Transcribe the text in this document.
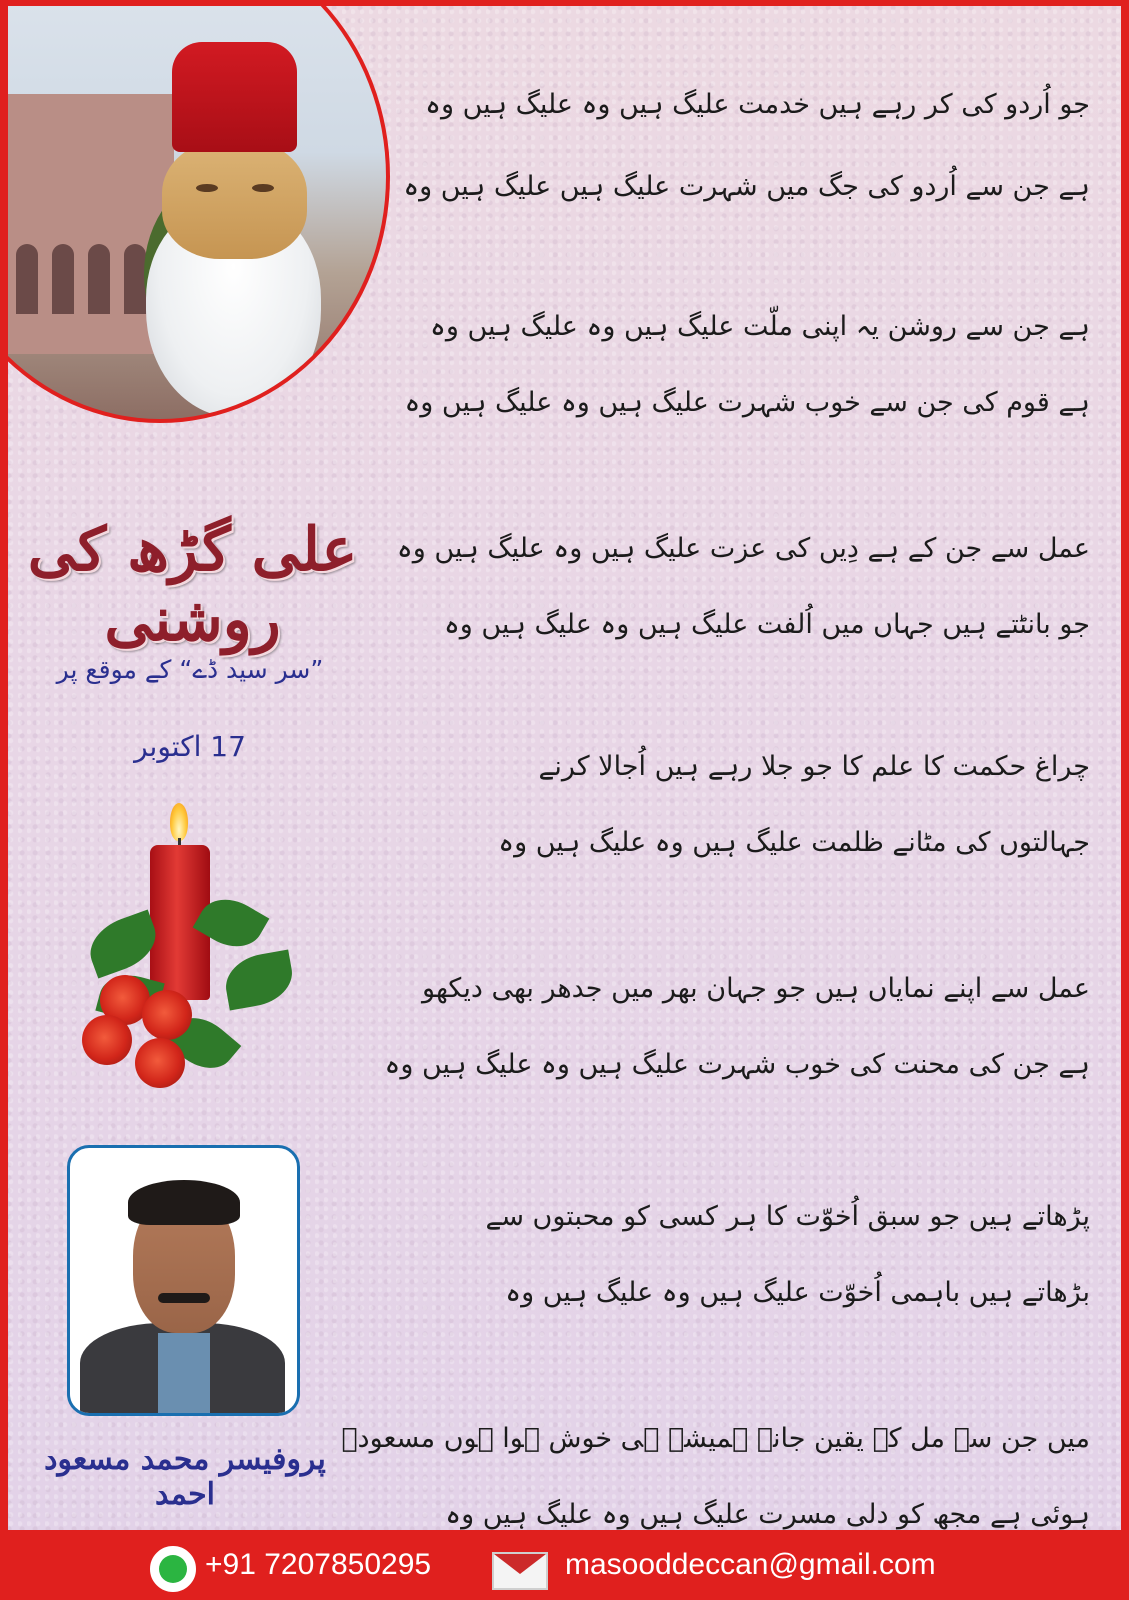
علی گڑھ کی روشنی
”سر سید ڈے“ کے موقع پر
17 اکتوبر
پروفیسر محمد مسعود احمد
جو اُردو کی کر رہے ہیں خدمت علیگ ہیں وہ علیگ ہیں وہ
ہے جن سے اُردو کی جگ میں شہرت علیگ ہیں علیگ ہیں وہ
ہے جن سے روشن یہ اپنی ملّت علیگ ہیں وہ علیگ ہیں وہ
ہے قوم کی جن سے خوب شہرت علیگ ہیں وہ علیگ ہیں وہ
عمل سے جن کے ہے دِیں کی عزت علیگ ہیں وہ علیگ ہیں وہ
جو بانٹتے ہیں جہاں میں اُلفت علیگ ہیں وہ علیگ ہیں وہ
چراغ حکمت کا علم کا جو جلا رہے ہیں اُجالا کرنے
جہالتوں کی مٹانے ظلمت علیگ ہیں وہ علیگ ہیں وہ
عمل سے اپنے نمایاں ہیں جو جہان بھر میں جدھر بھی دیکھو
ہے جن کی محنت کی خوب شہرت علیگ ہیں وہ علیگ ہیں وہ
پڑھاتے ہیں جو سبق اُخوّت کا ہر کسی کو محبتوں سے
بڑھاتے ہیں باہمی اُخوّت علیگ ہیں وہ علیگ ہیں وہ
میں جن سے مل کے یقین جانے ہمیشہ ہی خوش ہوا ہوں مسعودؔ
ہوئی ہے مجھ کو دلی مسرت علیگ ہیں وہ علیگ ہیں وہ
+91 7207850295	masooddeccan@gmail.com
